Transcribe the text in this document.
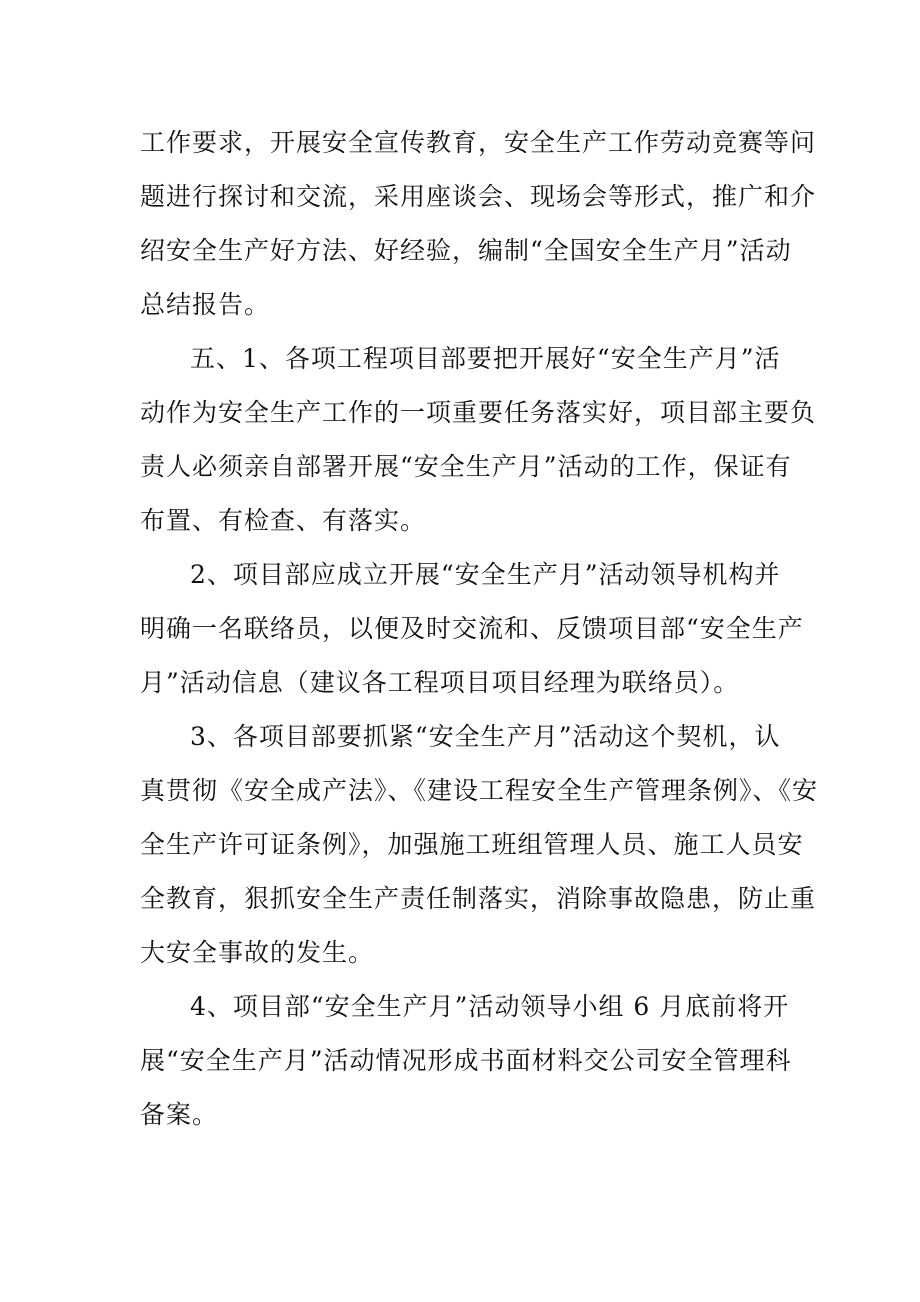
工作要求，开展安全宣传教育，安全生产工作劳动竞赛等问
题进行探讨和交流，采用座谈会、现场会等形式，推广和介
绍安全生产好方法、好经验，编制“全国安全生产月”活动
总结报告。
五、1、各项工程项目部要把开展好“安全生产月”活
动作为安全生产工作的一项重要任务落实好，项目部主要负
责人必须亲自部署开展“安全生产月”活动的工作，保证有
布置、有检查、有落实。
2、项目部应成立开展“安全生产月”活动领导机构并
明确一名联络员，以便及时交流和、反馈项目部“安全生产
月”活动信息（建议各工程项目项目经理为联络员）。
3、各项目部要抓紧“安全生产月”活动这个契机，认
真贯彻《安全成产法》、《建设工程安全生产管理条例》、《安
全生产许可证条例》，加强施工班组管理人员、施工人员安
全教育，狠抓安全生产责任制落实，消除事故隐患，防止重
大安全事故的发生。
4、项目部“安全生产月”活动领导小组 6 月底前将开
展“安全生产月”活动情况形成书面材料交公司安全管理科
备案。
